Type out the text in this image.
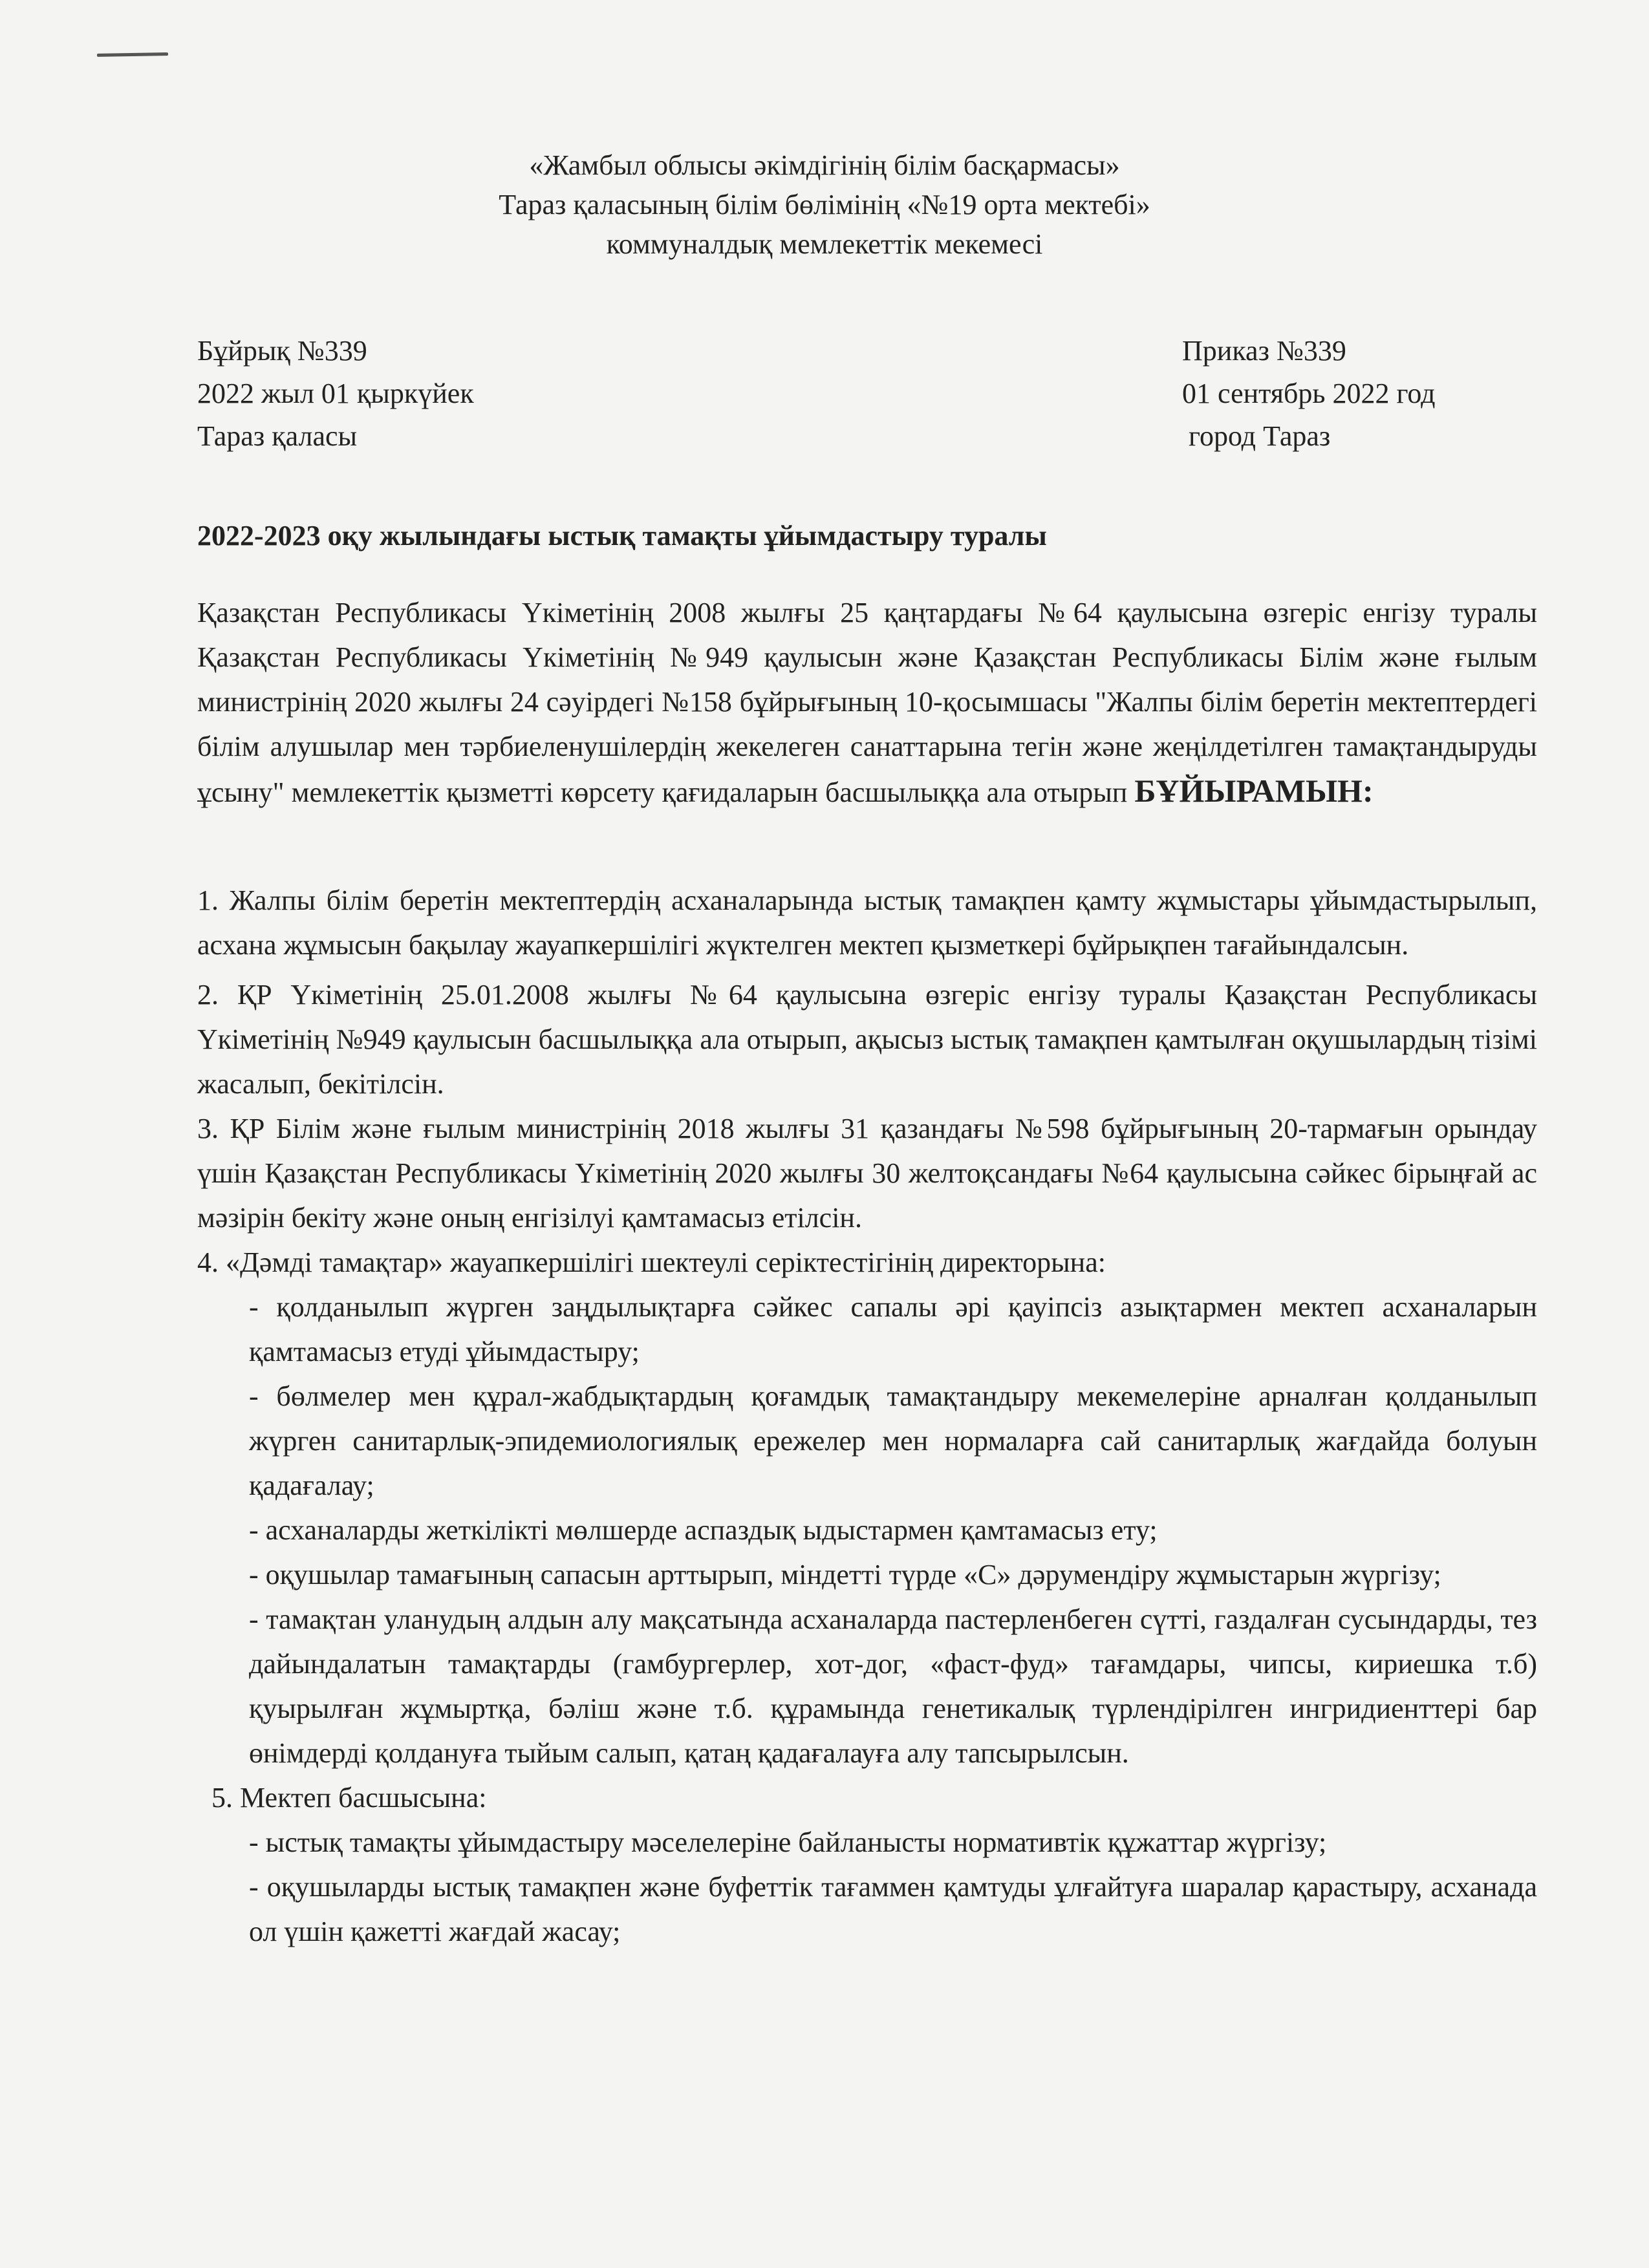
«Жамбыл облысы әкімдігінің білім басқармасы»
Тараз қаласының білім бөлімінің «№19 орта мектебі»
коммуналдық мемлекеттік мекемесі
Бұйрық №339
2022 жыл 01 қыркүйек
Тараз қаласы
Приказ №339
01 сентябрь 2022 год
город Тараз
2022-2023 оқу жылындағы ыстық тамақты ұйымдастыру туралы

Қазақстан Республикасы Үкіметінің 2008 жылғы 25 қаңтардағы №64 қаулысына өзгеріс енгізу туралы Қазақстан Республикасы Үкіметінің №949 қаулысын және Қазақстан Республикасы Білім және ғылым министрінің 2020 жылғы 24 сәуірдегі №158 бұйрығының 10-қосымшасы "Жалпы білім беретін мектептердегі білім алушылар мен тәрбиеленушілердің жекелеген санаттарына тегін және жеңілдетілген тамақтандыруды ұсыну" мемлекеттік қызметті көрсету қағидаларын басшылыққа ала отырып БҰЙЫРАМЫН:

1. Жалпы білім беретін мектептердің асханаларында ыстық тамақпен қамту жұмыстары ұйымдастырылып, асхана жұмысын бақылау жауапкершілігі жүктелген мектеп қызметкері бұйрықпен тағайындалсын.

2. ҚР Үкіметінің 25.01.2008 жылғы №64 қаулысына өзгеріс енгізу туралы Қазақстан Республикасы Үкіметінің №949 қаулысын басшылыққа ала отырып, ақысыз ыстық тамақпен қамтылған оқушылардың тізімі жасалып, бекітілсін.

3. ҚР Білім және ғылым министрінің 2018 жылғы 31 қазандағы №598 бұйрығының 20-тармағын орындау үшін Қазақстан Республикасы Үкіметінің 2020 жылғы 30 желтоқсандағы №64 қаулысына сәйкес бірыңғай ас мәзірін бекіту және оның енгізілуі қамтамасыз етілсін.

4. «Дәмді тамақтар» жауапкершілігі шектеулі серіктестігінің директорына:

- қолданылып жүрген заңдылықтарға сәйкес сапалы әрі қауіпсіз азықтармен мектеп асханаларын қамтамасыз етуді ұйымдастыру;

- бөлмелер мен құрал-жабдықтардың қоғамдық тамақтандыру мекемелеріне арналған қолданылып жүрген санитарлық-эпидемиологиялық ережелер мен нормаларға сай санитарлық жағдайда болуын қадағалау;

- асханаларды жеткілікті мөлшерде аспаздық ыдыстармен қамтамасыз ету;

- оқушылар тамағының сапасын арттырып, міндетті түрде «С» дәрумендіру жұмыстарын жүргізу;

- тамақтан уланудың алдын алу мақсатында асханаларда пастерленбеген сүтті, газдалған сусындарды, тез дайындалатын тамақтарды (гамбургерлер, хот-дог, «фаст-фуд» тағамдары, чипсы, кириешка т.б) қуырылған жұмыртқа, бәліш және т.б. құрамында генетикалық түрлендірілген ингридиенттері бар өнімдерді қолдануға тыйым салып, қатаң қадағалауға алу тапсырылсын.

5. Мектеп басшысына:

- ыстық тамақты ұйымдастыру мәселелеріне байланысты нормативтік құжаттар жүргізу;

- оқушыларды ыстық тамақпен және буфеттік тағаммен қамтуды ұлғайтуға шаралар қарастыру, асханада ол үшін қажетті жағдай жасау;
